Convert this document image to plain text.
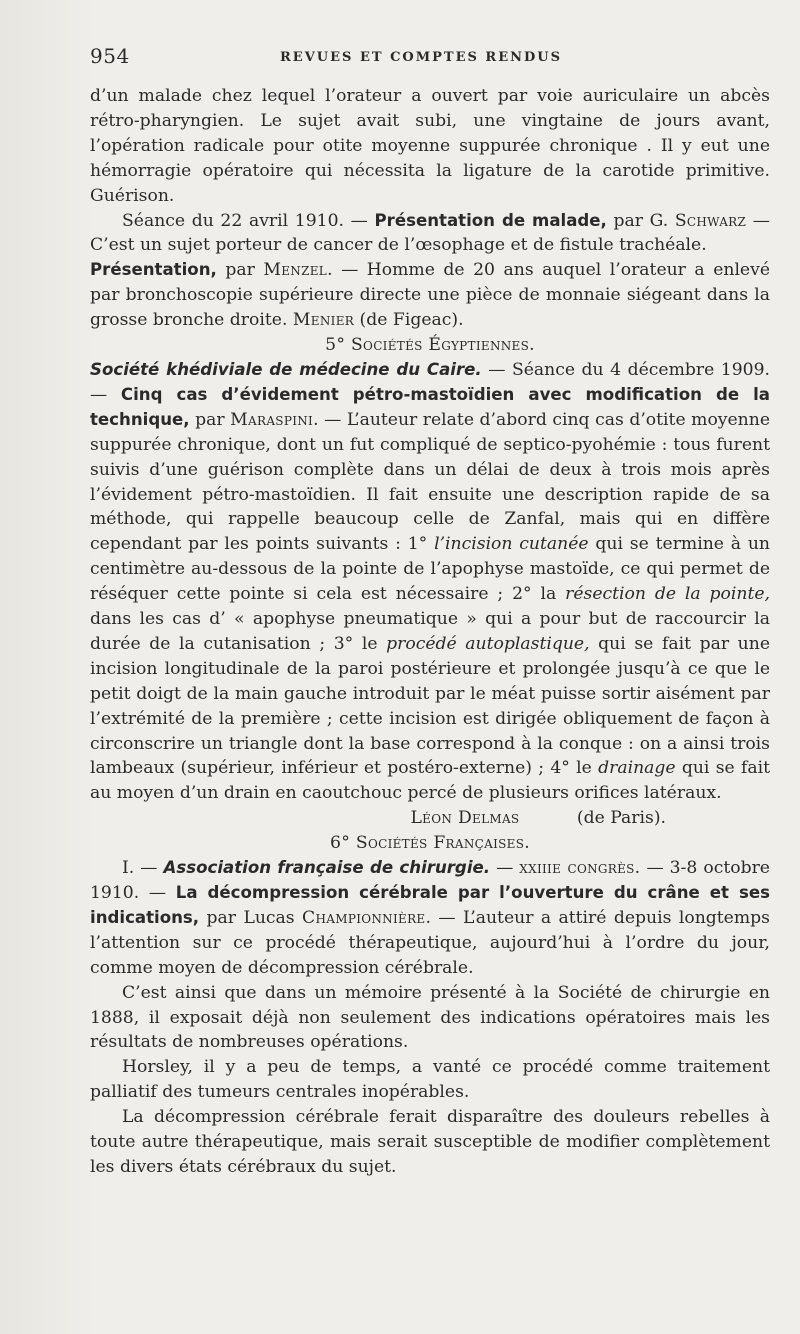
954	REVUES ET COMPTES RENDUS

d’un malade chez lequel l’orateur a ouvert par voie auriculaire un abcès rétro-pharyngien. Le sujet avait subi, une vingtaine de jours avant, l’opération radicale pour otite moyenne suppurée chronique . Il y eut une hémorragie opératoire qui nécessita la ligature de la carotide primitive. Guérison.

Séance du 22 avril 1910. — Présentation de malade, par G. Schwarz — C’est un sujet porteur de cancer de l’œsophage et de fistule trachéale.

Présentation, par Menzel. — Homme de 20 ans auquel l’orateur a enlevé par bronchoscopie supérieure directe une pièce de monnaie siégeant dans la grosse bronche droite. Menier (de Figeac).

5° Sociétés Égyptiennes.

Société khédiviale de médecine du Caire. — Séance du 4 décembre 1909. — Cinq cas d’évidement pétro-mastoïdien avec modification de la technique, par Maraspini. — L’auteur relate d’abord cinq cas d’otite moyenne suppurée chronique, dont un fut compliqué de septico-pyohémie : tous furent suivis d’une guérison complète dans un délai de deux à trois mois après l’évidement pétro-mastoïdien. Il fait ensuite une description rapide de sa méthode, qui rappelle beaucoup celle de Zanfal, mais qui en diffère cependant par les points suivants : 1° l’incision cutanée qui se termine à un centimètre au-dessous de la pointe de l’apophyse mastoïde, ce qui permet de réséquer cette pointe si cela est nécessaire ; 2° la résection de la pointe, dans les cas d’ « apophyse pneumatique » qui a pour but de raccourcir la durée de la cutanisation ; 3° le procédé autoplastique, qui se fait par une incision longitudinale de la paroi postérieure et prolongée jusqu’à ce que le petit doigt de la main gauche introduit par le méat puisse sortir aisément par l’extrémité de la première ; cette incision est dirigée obliquement de façon à circonscrire un triangle dont la base correspond à la conque : on a ainsi trois lambeaux (supérieur, inférieur et postéro-externe) ; 4° le drainage qui se fait au moyen d’un drain en caoutchouc percé de plusieurs orifices latéraux.

Léon Delmas	(de Paris).

6° Sociétés Françaises.

I. — Association française de chirurgie. — xxiiie congrès. — 3-8 octobre 1910. — La décompression cérébrale par l’ouverture du crâne et ses indications, par Lucas Championnière. — L’auteur a attiré depuis longtemps l’attention sur ce procédé thérapeutique, aujourd’hui à l’ordre du jour, comme moyen de décompression cérébrale.

C’est ainsi que dans un mémoire présenté à la Société de chirurgie en 1888, il exposait déjà non seulement des indications opératoires mais les résultats de nombreuses opérations.

Horsley, il y a peu de temps, a vanté ce procédé comme traitement palliatif des tumeurs centrales inopérables.

La décompression cérébrale ferait disparaître des douleurs rebelles à toute autre thérapeutique, mais serait susceptible de modifier complètement les divers états cérébraux du sujet.
